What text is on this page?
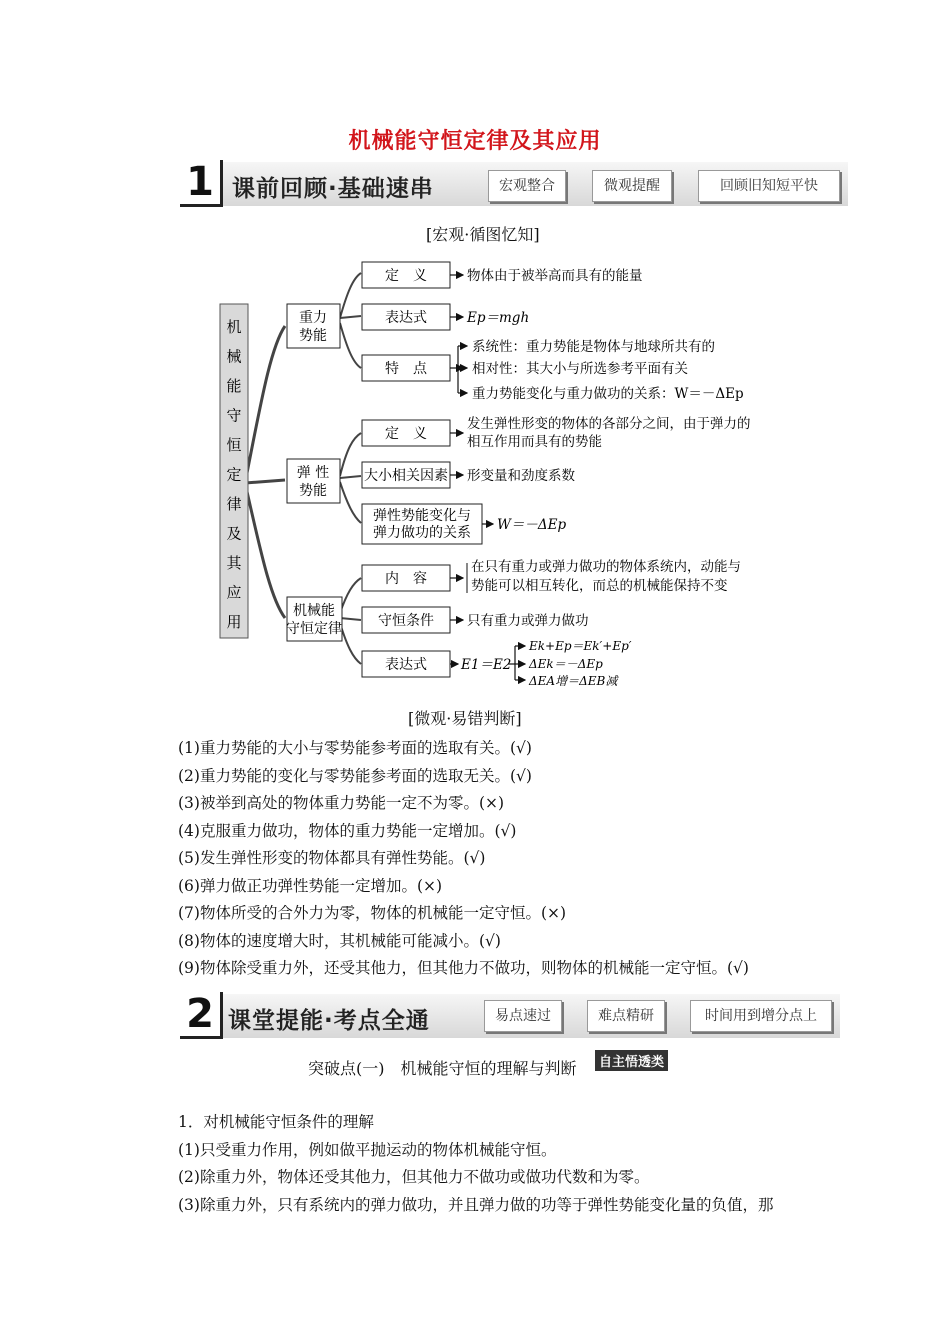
机械能守恒定律及其应用
1 课前回顾·基础速串	宏观整合	微观提醒	回顾旧知短平快
[宏观·循图忆知]
机
械
能
守
恒
定
律
及
其
应
用
重力
势能
弹 性
势能
机械能
守恒定律
定　义
表达式
特　点
定　义
大小相关因素
弹性势能变化与
弹力做功的关系
内　容
守恒条件
表达式
物体由于被举高而具有的能量
Ep＝mgh
系统性：重力势能是物体与地球所共有的
相对性：其大小与所选参考平面有关
重力势能变化与重力做功的关系：W＝－ΔEp
发生弹性形变的物体的各部分之间，由于弹力的
相互作用而具有的势能
形变量和劲度系数
W＝－ΔEp
在只有重力或弹力做功的物体系统内，动能与
势能可以相互转化，而总的机械能保持不变
只有重力或弹力做功
E1＝E2
Ek+Ep＝Ek′+Ep′
ΔEk＝－ΔEp
ΔEA增＝ΔEB减
[微观·易错判断]
(1)重力势能的大小与零势能参考面的选取有关。(√)
(2)重力势能的变化与零势能参考面的选取无关。(√)
(3)被举到高处的物体重力势能一定不为零。(×)
(4)克服重力做功，物体的重力势能一定增加。(√)
(5)发生弹性形变的物体都具有弹性势能。(√)
(6)弹力做正功弹性势能一定增加。(×)
(7)物体所受的合外力为零，物体的机械能一定守恒。(×)
(8)物体的速度增大时，其机械能可能减小。(√)
(9)物体除受重力外，还受其他力，但其他力不做功，则物体的机械能一定守恒。(√)
2 课堂提能·考点全通	易点速过	难点精研	时间用到增分点上
突破点(一)　机械能守恒的理解与判断	自主悟透类
1．对机械能守恒条件的理解
(1)只受重力作用，例如做平抛运动的物体机械能守恒。
(2)除重力外，物体还受其他力，但其他力不做功或做功代数和为零。
(3)除重力外，只有系统内的弹力做功，并且弹力做的功等于弹性势能变化量的负值，那
